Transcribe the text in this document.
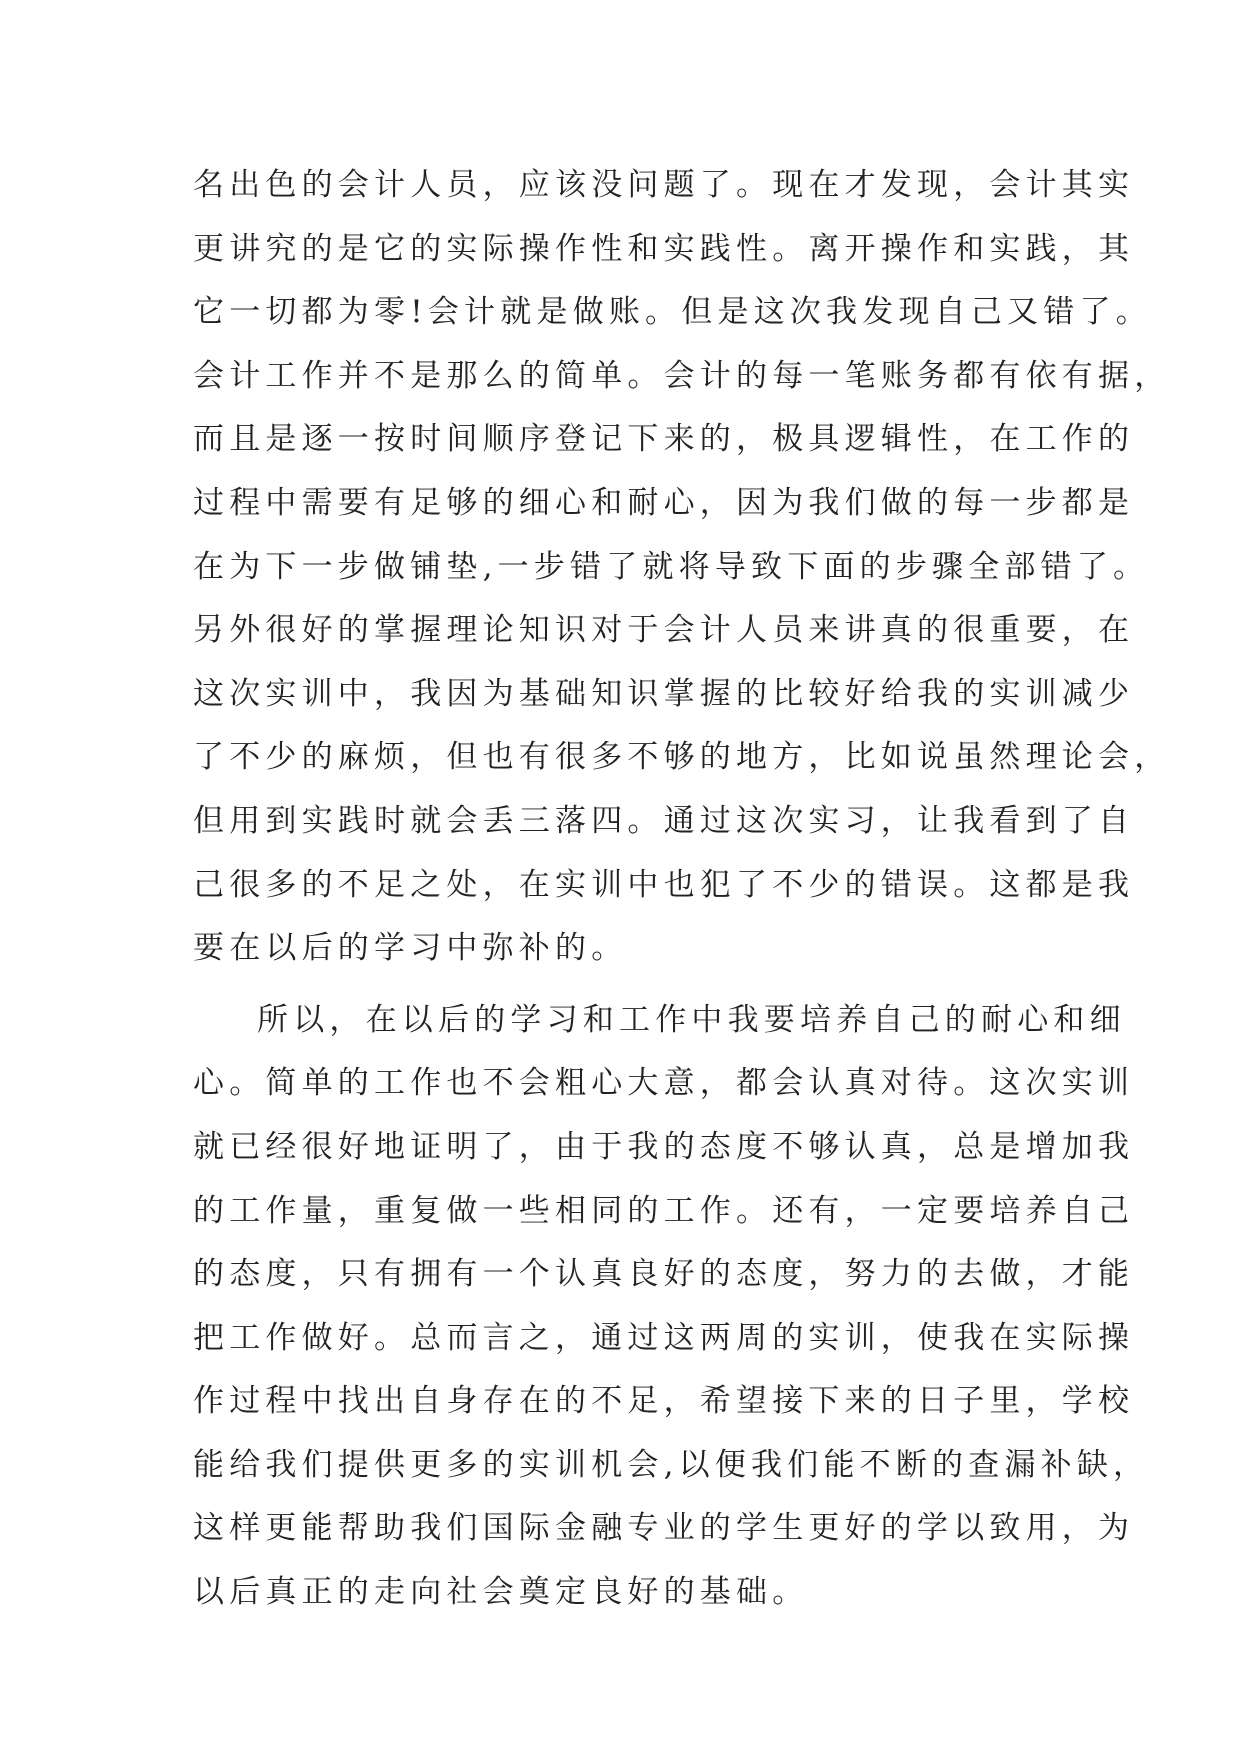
名出色的会计人员，应该没问题了。现在才发现，会计其实
更讲究的是它的实际操作性和实践性。离开操作和实践，其
它一切都为零!会计就是做账。但是这次我发现自己又错了。
会计工作并不是那么的简单。会计的每一笔账务都有依有据，
而且是逐一按时间顺序登记下来的，极具逻辑性，在工作的
过程中需要有足够的细心和耐心，因为我们做的每一步都是
在为下一步做铺垫,一步错了就将导致下面的步骤全部错了。
另外很好的掌握理论知识对于会计人员来讲真的很重要，在
这次实训中，我因为基础知识掌握的比较好给我的实训减少
了不少的麻烦，但也有很多不够的地方，比如说虽然理论会，
但用到实践时就会丢三落四。通过这次实习，让我看到了自
己很多的不足之处，在实训中也犯了不少的错误。这都是我
要在以后的学习中弥补的。
所以，在以后的学习和工作中我要培养自己的耐心和细
心。简单的工作也不会粗心大意，都会认真对待。这次实训
就已经很好地证明了，由于我的态度不够认真，总是增加我
的工作量，重复做一些相同的工作。还有，一定要培养自己
的态度，只有拥有一个认真良好的态度，努力的去做，才能
把工作做好。总而言之，通过这两周的实训，使我在实际操
作过程中找出自身存在的不足，希望接下来的日子里，学校
能给我们提供更多的实训机会,以便我们能不断的查漏补缺，
这样更能帮助我们国际金融专业的学生更好的学以致用，为
以后真正的走向社会奠定良好的基础。
